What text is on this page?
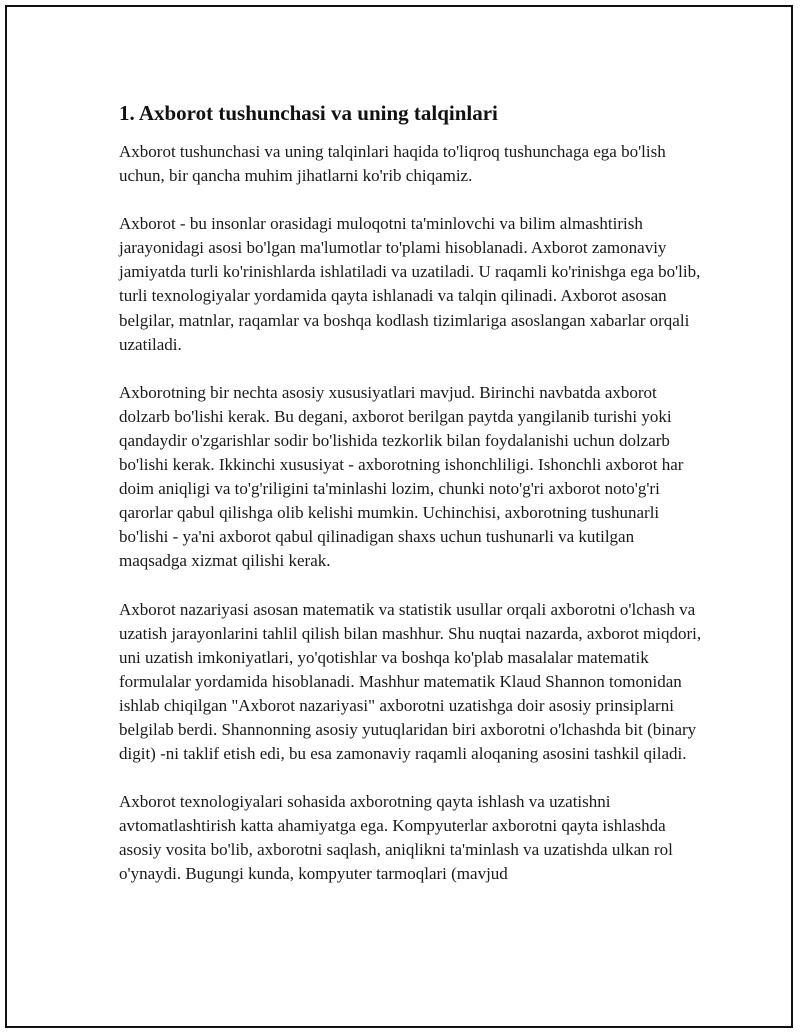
1. Axborot tushunchasi va uning talqinlari

Axborot tushunchasi va uning talqinlari haqida to'liqroq tushunchaga ega bo'lish uchun, bir qancha muhim jihatlarni ko'rib chiqamiz.

Axborot - bu insonlar orasidagi muloqotni ta'minlovchi va bilim almashtirish jarayonidagi asosi bo'lgan ma'lumotlar to'plami hisoblanadi. Axborot zamonaviy jamiyatda turli ko'rinishlarda ishlatiladi va uzatiladi. U raqamli ko'rinishga ega bo'lib, turli texnologiyalar yordamida qayta ishlanadi va talqin qilinadi. Axborot asosan belgilar, matnlar, raqamlar va boshqa kodlash tizimlariga asoslangan xabarlar orqali uzatiladi.

Axborotning bir nechta asosiy xususiyatlari mavjud. Birinchi navbatda axborot dolzarb bo'lishi kerak. Bu degani, axborot berilgan paytda yangilanib turishi yoki qandaydir o'zgarishlar sodir bo'lishida tezkorlik bilan foydalanishi uchun dolzarb bo'lishi kerak. Ikkinchi xususiyat - axborotning ishonchliligi. Ishonchli axborot har doim aniqligi va to'g'riligini ta'minlashi lozim, chunki noto'g'ri axborot noto'g'ri qarorlar qabul qilishga olib kelishi mumkin. Uchinchisi, axborotning tushunarli bo'lishi - ya'ni axborot qabul qilinadigan shaxs uchun tushunarli va kutilgan maqsadga xizmat qilishi kerak.

Axborot nazariyasi asosan matematik va statistik usullar orqali axborotni o'lchash va uzatish jarayonlarini tahlil qilish bilan mashhur. Shu nuqtai nazarda, axborot miqdori, uni uzatish imkoniyatlari, yo'qotishlar va boshqa ko'plab masalalar matematik formulalar yordamida hisoblanadi. Mashhur matematik Klaud Shannon tomonidan ishlab chiqilgan "Axborot nazariyasi" axborotni uzatishga doir asosiy prinsiplarni belgilab berdi. Shannonning asosiy yutuqlaridan biri axborotni o'lchashda bit (binary digit) -ni taklif etish edi, bu esa zamonaviy raqamli aloqaning asosini tashkil qiladi.

Axborot texnologiyalari sohasida axborotning qayta ishlash va uzatishni avtomatlashtirish katta ahamiyatga ega. Kompyuterlar axborotni qayta ishlashda asosiy vosita bo'lib, axborotni saqlash, aniqlikni ta'minlash va uzatishda ulkan rol o'ynaydi. Bugungi kunda, kompyuter tarmoqlari (mavjud
